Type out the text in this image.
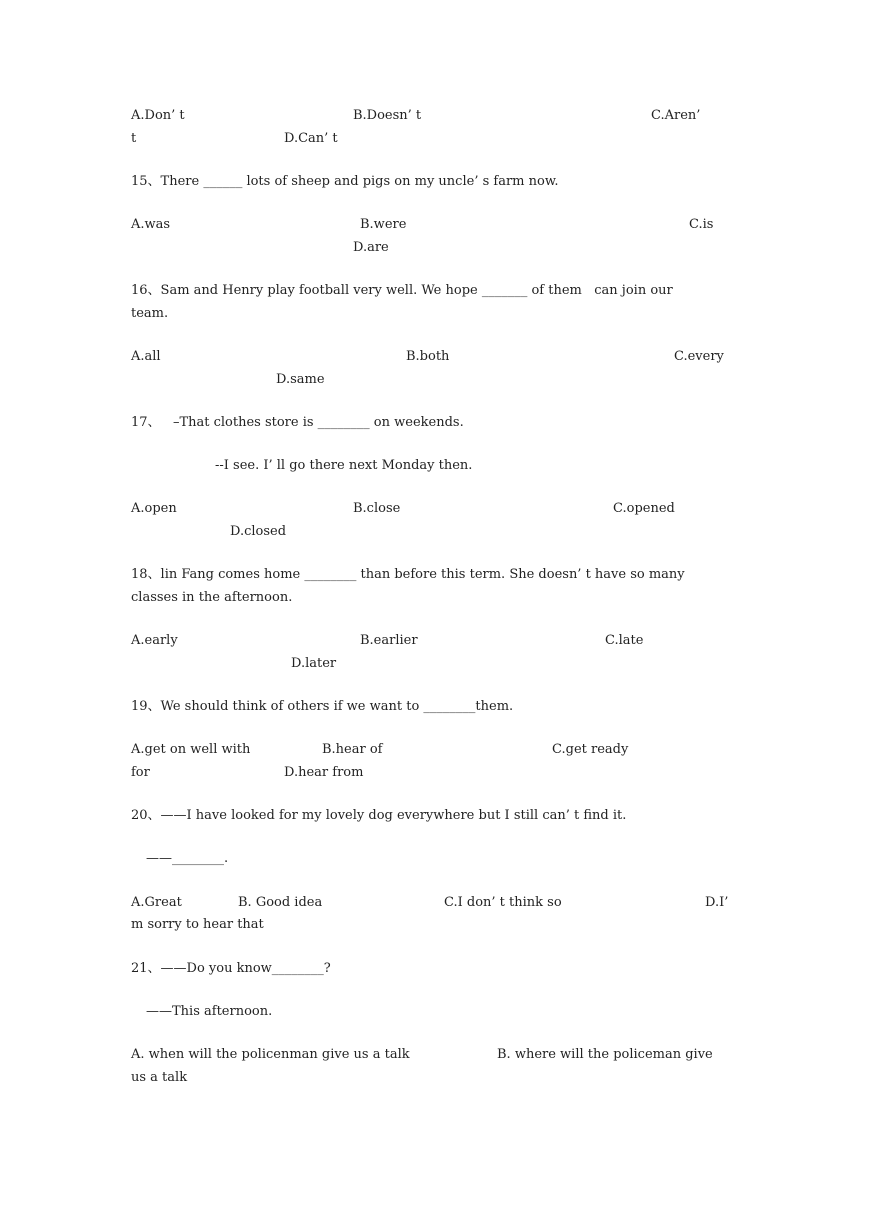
A.Don’ t	B.Doesn’ t	C.Aren’
t	D.Can’ t
15、There ______ lots of sheep and pigs on my uncle’ s farm now.
A.was	B.were	C.is
D.are
16、Sam and Henry play football very well. We hope _______ of them   can join our
team.
A.all	B.both	C.every
D.same
17、   –That clothes store is ________ on weekends.
--I see. I’ ll go there next Monday then.
A.open	B.close	C.opened
D.closed
18、lin Fang comes home ________ than before this term. She doesn’ t have so many
classes in the afternoon.
A.early	B.earlier	C.late
D.later
19、We should think of others if we want to ________them.
A.get on well with	B.hear of	C.get ready
for	D.hear from
20、——I have looked for my lovely dog everywhere but I still can’ t find it.
——________.
A.Great	B. Good idea	C.I don’ t think so	D.I’
m sorry to hear that
21、——Do you know________?
——This afternoon.
A. when will the policenman give us a talk	B. where will the policeman give
us a talk
